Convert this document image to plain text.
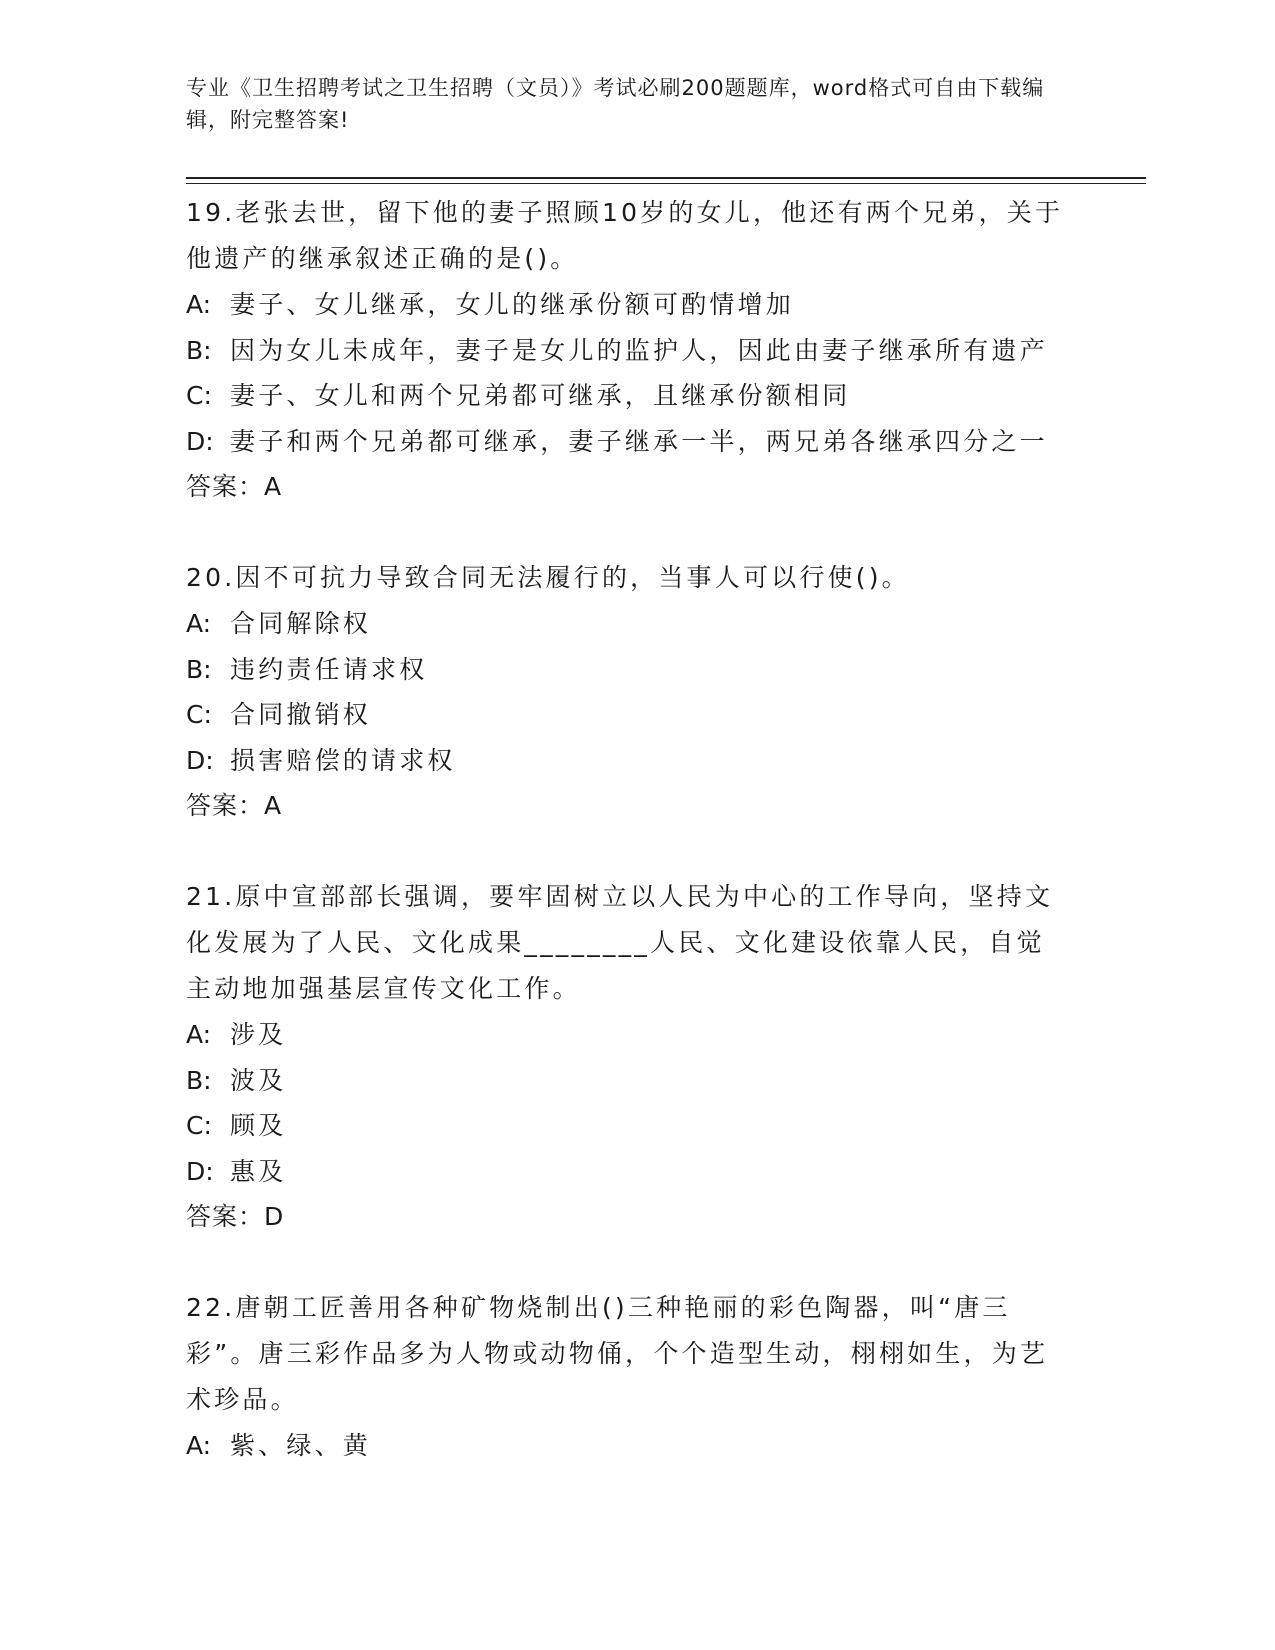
专业《卫生招聘考试之卫生招聘（文员）》考试必刷200题题库，word格式可自由下载编辑，附完整答案!

19.老张去世，留下他的妻子照顾10岁的女儿，他还有两个兄弟，关于他遗产的继承叙述正确的是()。

A: 妻子、女儿继承，女儿的继承份额可酌情增加
B: 因为女儿未成年，妻子是女儿的监护人，因此由妻子继承所有遗产
C: 妻子、女儿和两个兄弟都可继承，且继承份额相同
D: 妻子和两个兄弟都可继承，妻子继承一半，两兄弟各继承四分之一
答案：A

20.因不可抗力导致合同无法履行的，当事人可以行使()。

A: 合同解除权
B: 违约责任请求权
C: 合同撤销权
D: 损害赔偿的请求权
答案：A

21.原中宣部部长强调，要牢固树立以人民为中心的工作导向，坚持文化发展为了人民、文化成果________人民、文化建设依靠人民，自觉主动地加强基层宣传文化工作。

A: 涉及
B: 波及
C: 顾及
D: 惠及
答案：D

22.唐朝工匠善用各种矿物烧制出()三种艳丽的彩色陶器，叫“唐三彩”。唐三彩作品多为人物或动物俑，个个造型生动，栩栩如生，为艺术珍品。

A: 紫、绿、黄
